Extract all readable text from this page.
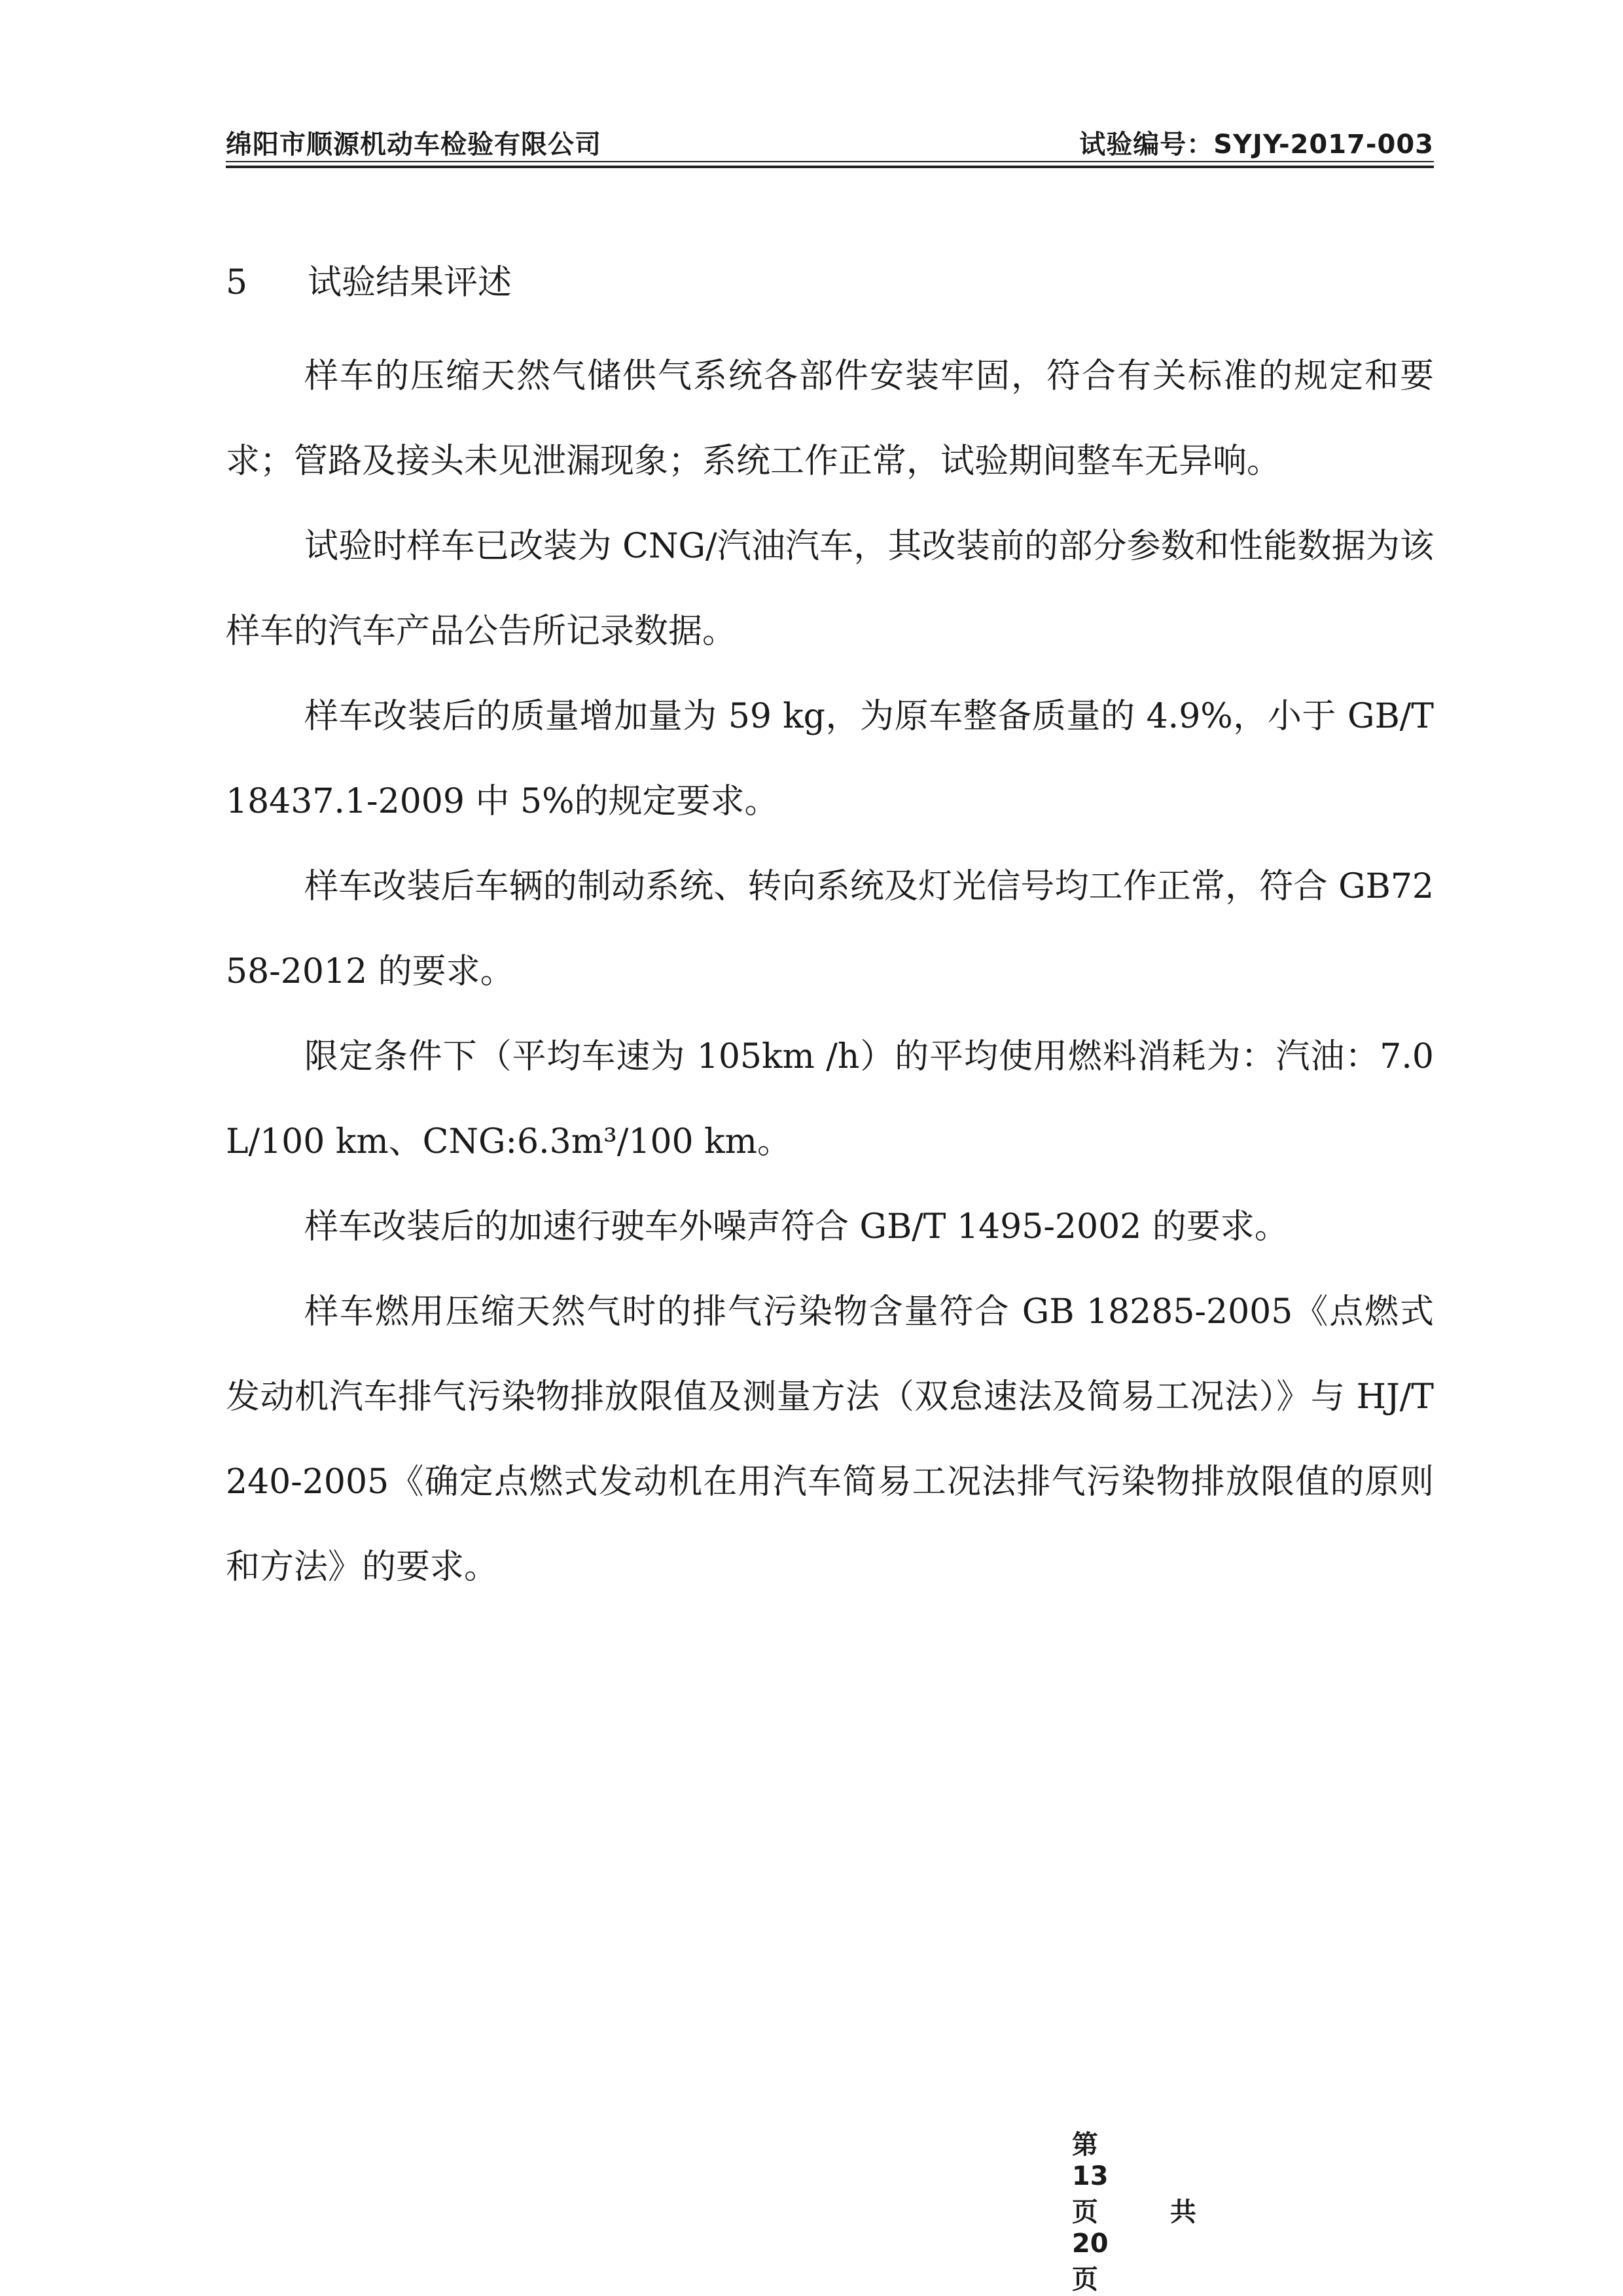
绵阳市顺源机动车检验有限公司	试验编号：SYJY-2017-003
5 试验结果评述

样车的压缩天然气储供气系统各部件安装牢固，符合有关标准的规定和要求；管路及接头未见泄漏现象；系统工作正常，试验期间整车无异响。

试验时样车已改装为 CNG/汽油汽车，其改装前的部分参数和性能数据为该样车的汽车产品公告所记录数据。

样车改装后的质量增加量为 59 kg，为原车整备质量的 4.9%，小于 GB/T 18437.1-2009 中 5%的规定要求。

样车改装后车辆的制动系统、转向系统及灯光信号均工作正常，符合 GB7258-2012 的要求。

限定条件下（平均车速为 105km /h）的平均使用燃料消耗为：汽油：7.0L/100 km、CNG:6.3m³/100 km。

样车改装后的加速行驶车外噪声符合 GB/T 1495-2002 的要求。

样车燃用压缩天然气时的排气污染物含量符合 GB 18285-2005《点燃式发动机汽车排气污染物排放限值及测量方法（双怠速法及简易工况法）》与 HJ/T 240-2005《确定点燃式发动机在用汽车简易工况法排气污染物排放限值的原则和方法》的要求。

第
13
页	共
20
页
